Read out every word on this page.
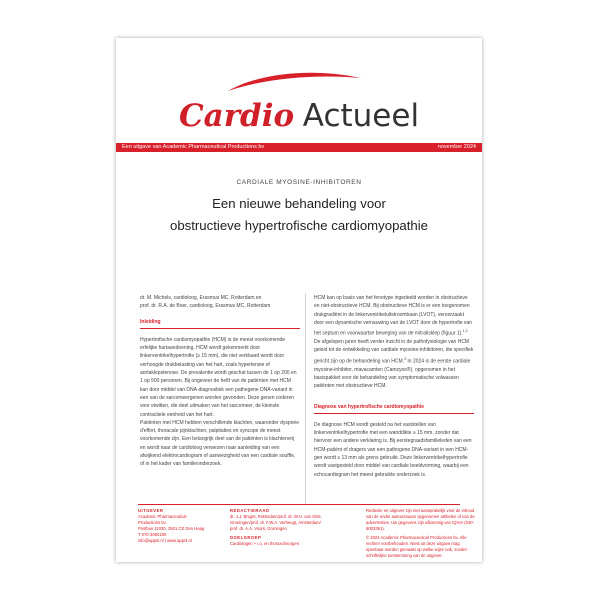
Cardio Actueel
Een uitgave van Academic Pharmaceutical Productions bv	november 2024
CARDIALE MYOSINE-INHIBITOREN
Een nieuwe behandeling voor
obstructieve hypertrofische cardiomyopathie

dr. M. Michels, cardioloog, Erasmus MC, Rotterdam en

prof. dr. R.A. de Boer, cardioloog, Erasmus MC, Rotterdam

Inleiding

Hypertrofische cardiomyopathie (HCM) is de meest voorkomende erfelijke hartaandoening. HCM wordt gekenmerkt door linkerventrikelhypertrofie (≥ 15 mm), die niet verklaard wordt door verhoogde drukbelasting van het hart, zoals hypertensie of aortaklepstenose. De prevalentie wordt geschat tussen de 1 op 200 en 1 op 500 personen. Bij ongeveer de helft van de patiënten met HCM kan door middel van DNA-diagnostiek een pathogene DNA-variant in een van de sarcomeergenen worden gevonden. Deze genen coderen voor eiwitten, die deel uitmaken van het sarcomeer, de kleinste contractiele eenheid van het hart.

Patiënten met HCM hebben verschillende klachten, waaronder dyspnée d'effort, thoracale pijnklachten, palpitaties en syncope de meest voorkomende zijn. Een belangrijk deel van de patiënten is klachtenvrij en wordt naar de cardioloog verwezen naar aanleiding van een afwijkend elektrocardiogram of aanwezigheid van een cardiale souffle, of in het kader van familieonderzoek.

HCM kan op basis van het fenotype ingedeeld worden in obstructieve en niet-obstructieve HCM. Bij obstructieve HCM is er een toegenomen drukgradiënt in de linkerventrikeluitstroombaan (LVOT), veroorzaakt door een dynamische vernauwing van de LVOT door de hypertrofie van het septum en voorwaartse beweging van de mitralisklep (figuur 1).$^{1,2}$

De afgelopen jaren heeft verder inzicht in de pathofysiologie van HCM geleid tot de ontwikkeling van cardiale myosine-inhibitoren, die specifiek gericht zijn op de behandeling van HCM.$^3$ In 2024 is de eerste cardiale myosine-inhibitor, mavacamten (Camzyos®), opgenomen in het basispakket voor de behandeling van symptomatische volwassen patiënten met obstructieve HCM.

Diagnose van hypertrofische cardiomyopathie

De diagnose HCM wordt gesteld na het vaststellen van linkerventrikelhypertrofie met een wanddikte ≥ 15 mm, zonder dat hiervoor een andere verklaring is. Bij eerstegraadsfamilieleden van een HCM-patiënt of dragers van een pathogene DNA-variant in een HCM-gen wordt ≥ 13 mm als grens gebruikt. Deze linkerventrikelhypertrofie wordt vastgesteld door middel van cardiale beeldvorming, waarbij een echocardiogram het meest gebruikte onderzoek is.

UITGEVER

Academic Pharmaceutical

Productions bv

Postbus 11030, 2501 CE Den Haag

T 070-3060190

info@appnl.nl | www.appnl.nl

REDACTIERAAD

dr. J.J. Brugts, Rotterdam/prof. dr. W.H. van Gilst,

Groningen/prof. dr. F.W.A. Verheugt, Amsterdam/

prof. dr. A.A. Voors, Groningen

DOELGROEP

Cardiologen + i.o. en thoraxchirurgen

Redactie en uitgever zijn niet aansprakelijk voor de inhoud van de onder auteursnaam opgenomen artikelen of van de advertenties. Uw gegevens zijn afkomstig van IQVIA (030-6003391).

© 2024 Academic Pharmaceutical Productions bv. Alle rechten voorbehouden. Niets uit deze uitgave mag openbaar worden gemaakt op welke wijze ook, zonder schriftelijke toestemming van de uitgever.
